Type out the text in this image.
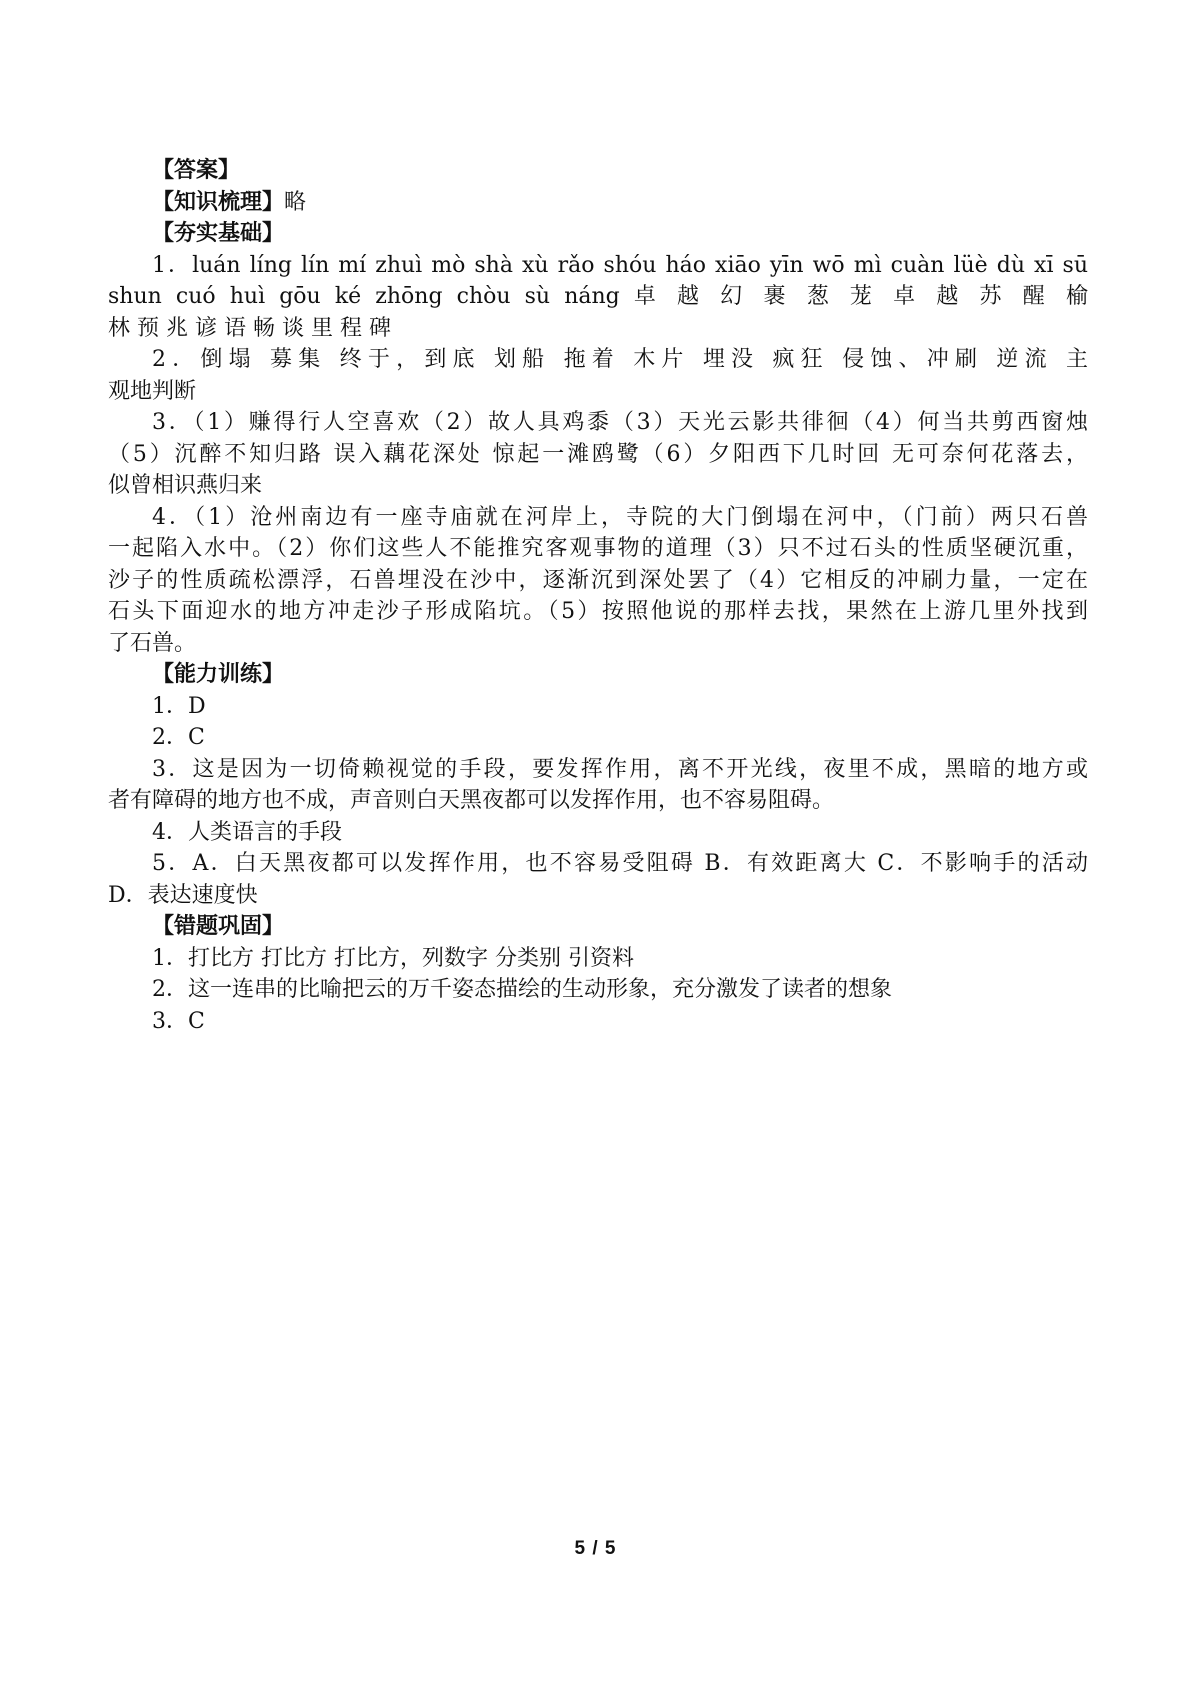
【答案】

【知识梳理】略

【夯实基础】

1．luán líng lín mí zhuì mò shà xù rǎo shóu háo xiāo yīn wō mì cuàn lüè dù xī sū

shun cuó huì gōu ké zhōng chòu sù náng 卓 越 幻 裹 葱 茏 卓 越 苏 醒 榆

林 预 兆 谚 语 畅 谈 里 程 碑

2．倒塌 募集 终于，到底 划船 拖着 木片 埋没 疯狂 侵蚀、冲刷 逆流 主

观地判断

3．（1）赚得行人空喜欢（2）故人具鸡黍（3）天光云影共徘徊（4）何当共剪西窗烛

（5）沉醉不知归路 误入藕花深处 惊起一滩鸥鹭（6）夕阳西下几时回 无可奈何花落去，

似曾相识燕归来

4．（1）沧州南边有一座寺庙就在河岸上，寺院的大门倒塌在河中，（门前）两只石兽

一起陷入水中。（2）你们这些人不能推究客观事物的道理（3）只不过石头的性质坚硬沉重，

沙子的性质疏松漂浮，石兽埋没在沙中，逐渐沉到深处罢了（4）它相反的冲刷力量，一定在

石头下面迎水的地方冲走沙子形成陷坑。（5）按照他说的那样去找，果然在上游几里外找到

了石兽。

【能力训练】

1．D

2．C

3．这是因为一切倚赖视觉的手段，要发挥作用，离不开光线，夜里不成，黑暗的地方或

者有障碍的地方也不成，声音则白天黑夜都可以发挥作用，也不容易阻碍。

4．人类语言的手段

5．A．白天黑夜都可以发挥作用，也不容易受阻碍 B．有效距离大 C．不影响手的活动

D．表达速度快

【错题巩固】

1．打比方 打比方 打比方，列数字 分类别 引资料

2．这一连串的比喻把云的万千姿态描绘的生动形象，充分激发了读者的想象

3．C

5 / 5
